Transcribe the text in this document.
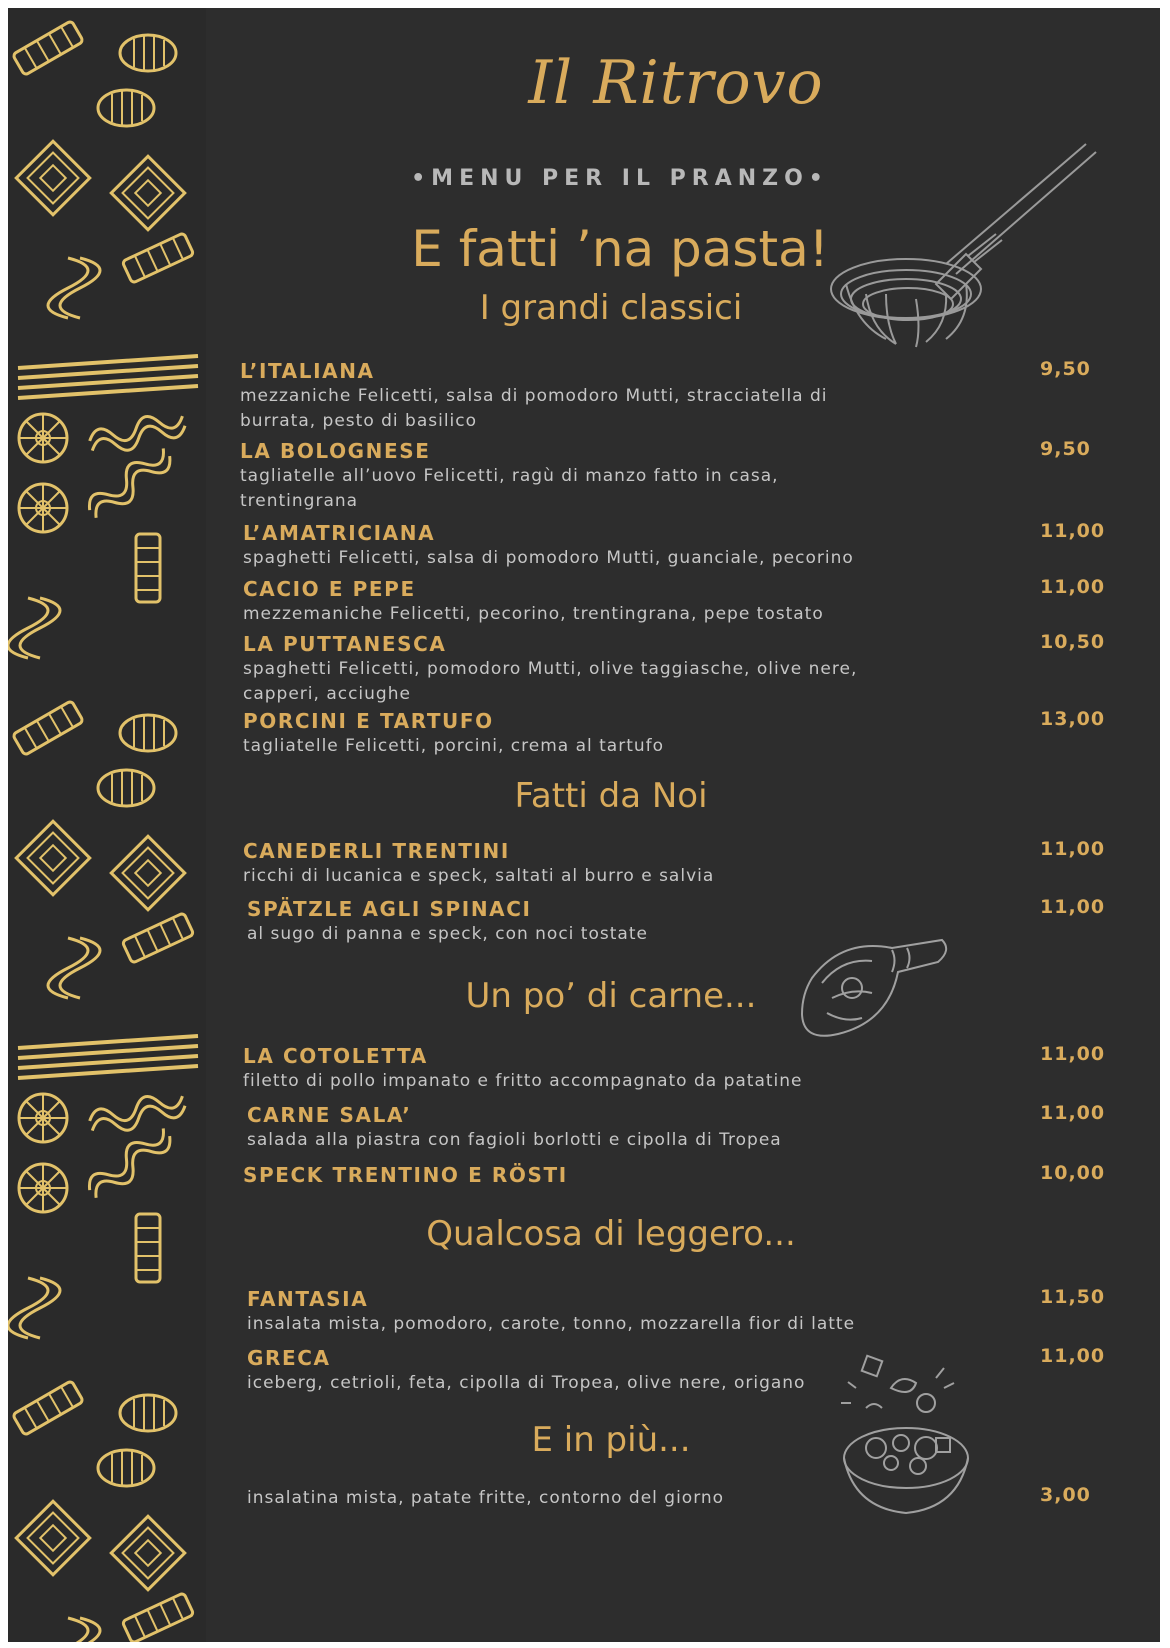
Il Ritrovo
•MENU PER IL PRANZO•
E fatti ’na pasta!
I grandi classici
L’ITALIANA
mezzaniche Felicetti, salsa di pomodoro Mutti, stracciatella di burrata, pesto di basilico
9,50
LA BOLOGNESE
tagliatelle all’uovo Felicetti, ragù di manzo fatto in casa, trentingrana
9,50
L’AMATRICIANA
spaghetti Felicetti, salsa di pomodoro Mutti, guanciale, pecorino
11,00
CACIO E PEPE
mezzemaniche Felicetti, pecorino, trentingrana, pepe tostato
11,00
LA PUTTANESCA
spaghetti Felicetti, pomodoro Mutti, olive taggiasche, olive nere, capperi, acciughe
10,50
PORCINI E TARTUFO
tagliatelle Felicetti, porcini, crema al tartufo
13,00
Fatti da Noi
CANEDERLI TRENTINI
ricchi di lucanica e speck, saltati al burro e salvia
11,00
SPÄTZLE AGLI SPINACI
al sugo di panna e speck, con noci tostate
11,00
Un po’ di carne...
LA COTOLETTA
filetto di pollo impanato e fritto accompagnato da patatine
11,00
CARNE SALA’
salada alla piastra con fagioli borlotti e cipolla di Tropea
11,00
SPECK TRENTINO E RÖSTI	10,00
Qualcosa di leggero...
FANTASIA
insalata mista, pomodoro, carote, tonno, mozzarella fior di latte
11,50
GRECA
iceberg, cetrioli, feta, cipolla di Tropea, olive nere, origano
11,00
E in più...
insalatina mista, patate fritte, contorno del giorno	3,00
